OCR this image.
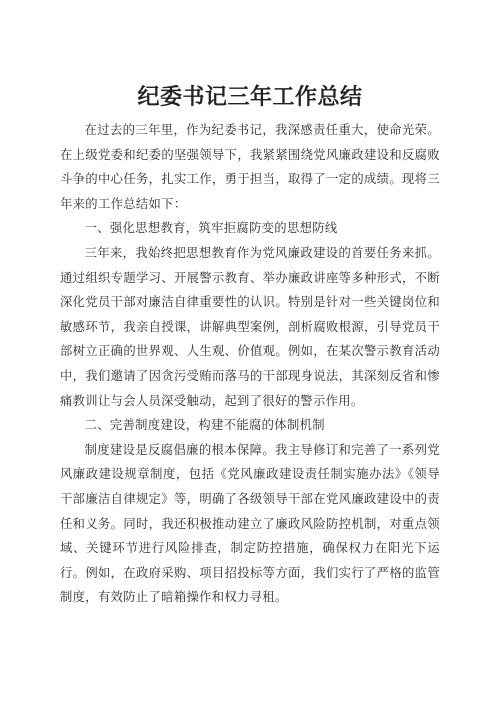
纪委书记三年工作总结

在过去的三年里，作为纪委书记，我深感责任重大，使命光荣。在上级党委和纪委的坚强领导下，我紧紧围绕党风廉政建设和反腐败斗争的中心任务，扎实工作，勇于担当，取得了一定的成绩。现将三年来的工作总结如下：

一、强化思想教育，筑牢拒腐防变的思想防线

三年来，我始终把思想教育作为党风廉政建设的首要任务来抓。通过组织专题学习、开展警示教育、举办廉政讲座等多种形式，不断深化党员干部对廉洁自律重要性的认识。特别是针对一些关键岗位和敏感环节，我亲自授课，讲解典型案例，剖析腐败根源，引导党员干部树立正确的世界观、人生观、价值观。例如，在某次警示教育活动中，我们邀请了因贪污受贿而落马的干部现身说法，其深刻反省和惨痛教训让与会人员深受触动，起到了很好的警示作用。

二、完善制度建设，构建不能腐的体制机制

制度建设是反腐倡廉的根本保障。我主导修订和完善了一系列党风廉政建设规章制度，包括《党风廉政建设责任制实施办法》《领导干部廉洁自律规定》等，明确了各级领导干部在党风廉政建设中的责任和义务。同时，我还积极推动建立了廉政风险防控机制，对重点领域、关键环节进行风险排查，制定防控措施，确保权力在阳光下运行。例如，在政府采购、项目招投标等方面，我们实行了严格的监管制度，有效防止了暗箱操作和权力寻租。
